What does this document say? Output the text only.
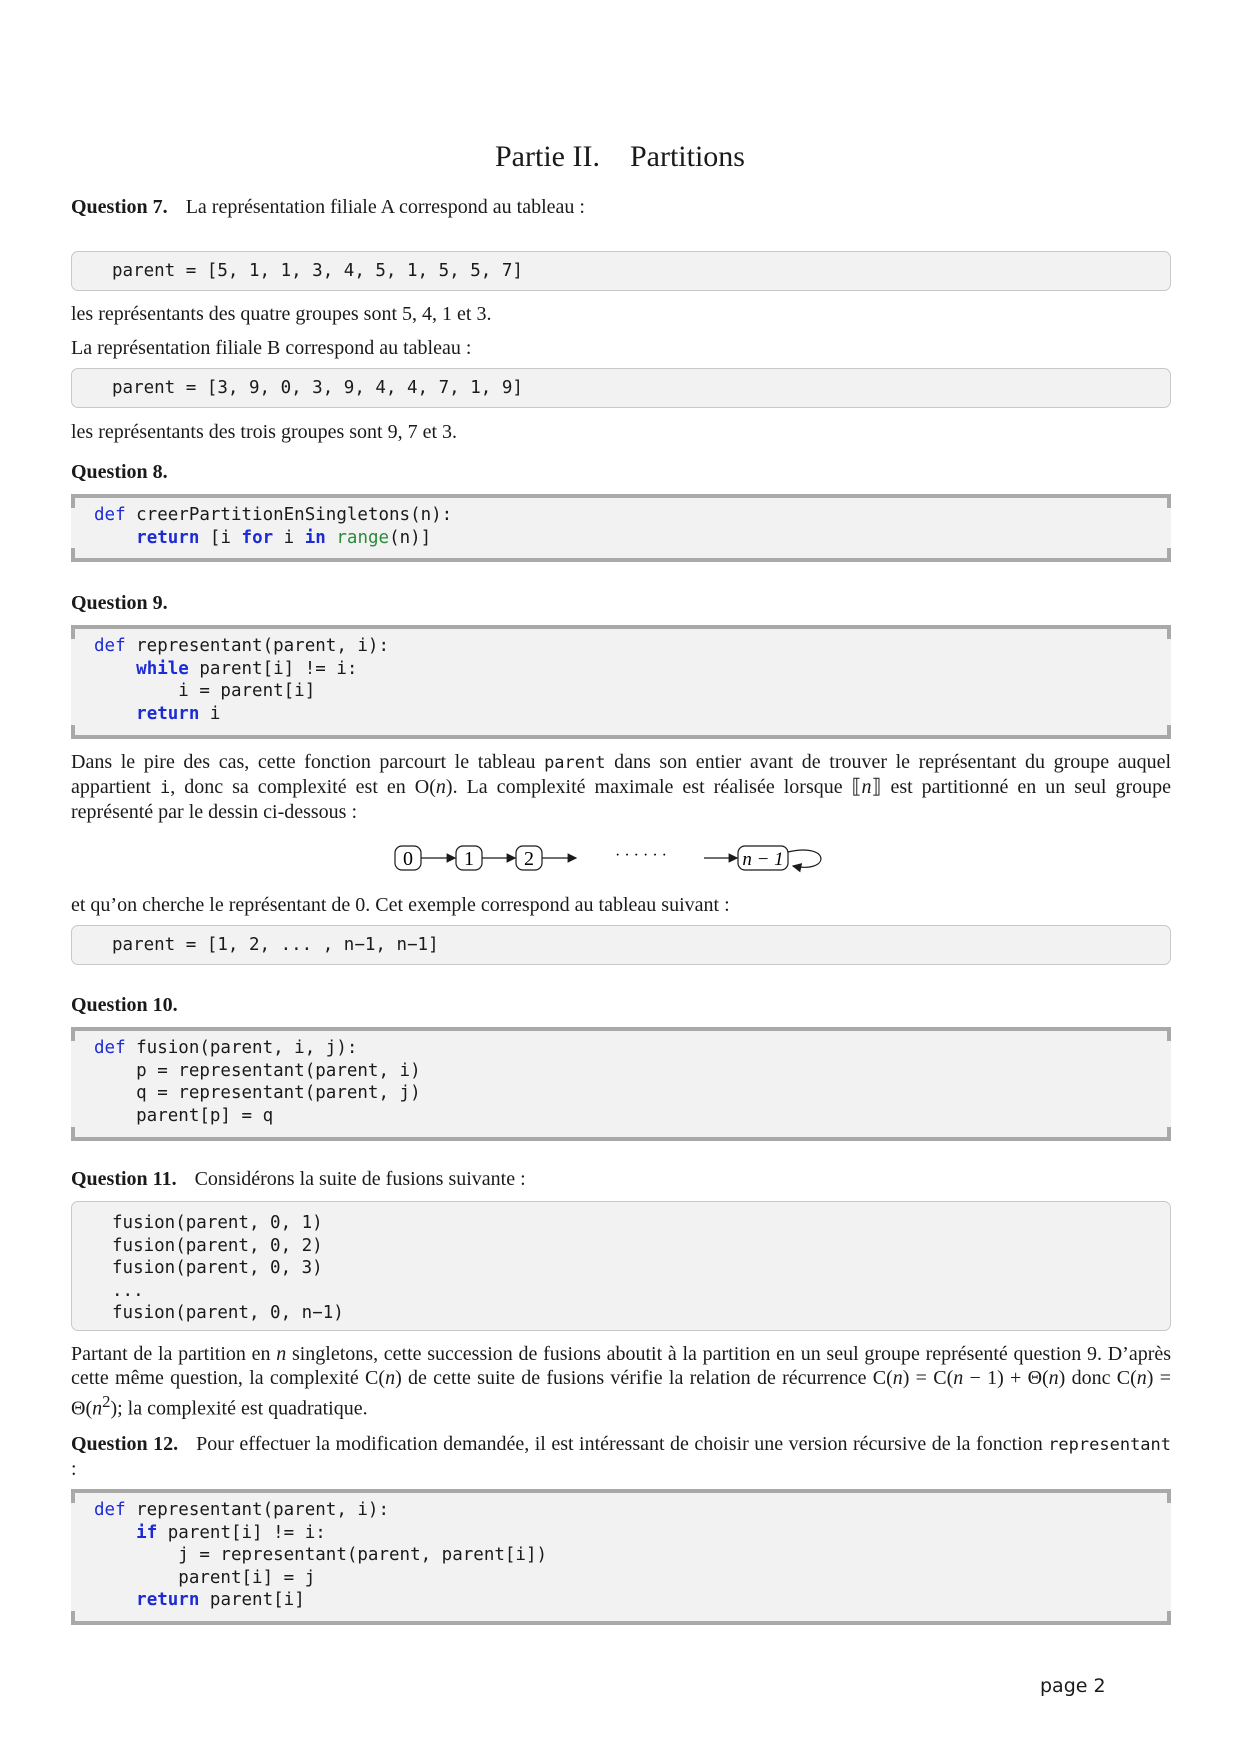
Partie II. Partitions
Question 7. La représentation filiale A correspond au tableau :
parent = [5, 1, 1, 3, 4, 5, 1, 5, 5, 7]
les représentants des quatre groupes sont 5, 4, 1 et 3.
La représentation filiale B correspond au tableau :
parent = [3, 9, 0, 3, 9, 4, 4, 7, 1, 9]
les représentants des trois groupes sont 9, 7 et 3.
Question 8.
def creerPartitionEnSingletons(n):
return [i for i in range(n)]
Question 9.
def representant(parent, i):
while parent[i] != i:
i = parent[i]
return i
Dans le pire des cas, cette fonction parcourt le tableau parent dans son entier avant de trouver le représentant du groupe auquel appartient i, donc sa complexité est en O(n). La complexité maximale est réalisée lorsque ⟦n⟧ est partitionné en un seul groupe représenté par le dessin ci-dessous :
0	1	2	· · · · · ·	n − 1
et qu’on cherche le représentant de 0. Cet exemple correspond au tableau suivant :
parent = [1, 2, ... , n−1, n−1]
Question 10.
def fusion(parent, i, j):
p = representant(parent, i)
q = representant(parent, j)
parent[p] = q
Question 11. Considérons la suite de fusions suivante :
fusion(parent, 0, 1)
fusion(parent, 0, 2)
fusion(parent, 0, 3)
...
fusion(parent, 0, n−1)
Partant de la partition en n singletons, cette succession de fusions aboutit à la partition en un seul groupe représenté question 9. D’après cette même question, la complexité C(n) de cette suite de fusions vérifie la relation de récurrence C(n) = C(n − 1) + Θ(n) donc $C(n) = \Theta(n^2)$; la complexité est quadratique.
Question 12. Pour effectuer la modification demandée, il est intéressant de choisir une version récursive de la fonction representant :
def representant(parent, i):
if parent[i] != i:
j = representant(parent, parent[i])
parent[i] = j
return parent[i]
page 2
